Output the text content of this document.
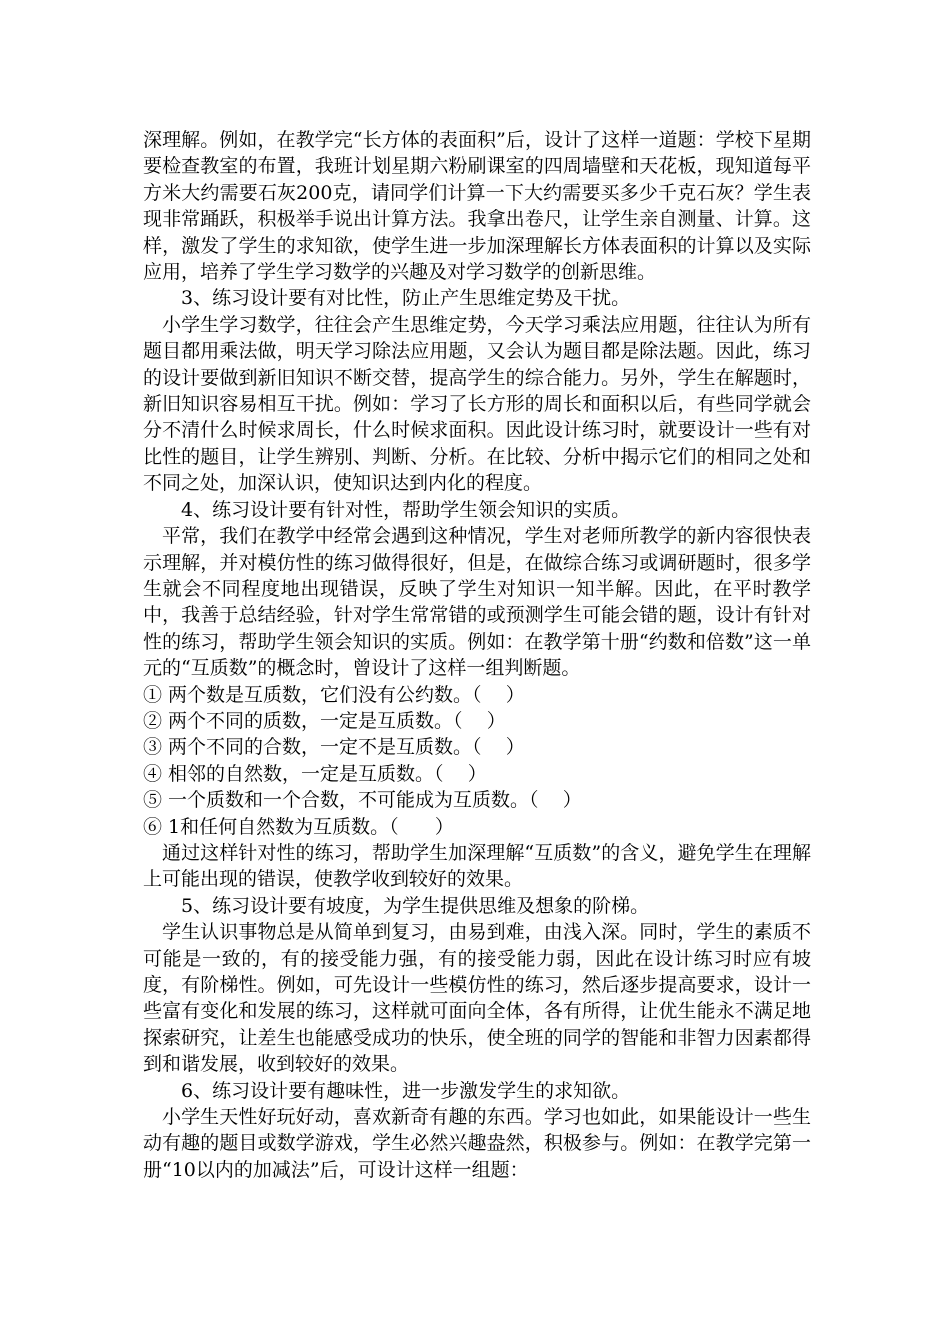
深理解。例如，在教学完“长方体的表面积”后，设计了这样一道题：学校下星期要检查教室的布置，我班计划星期六粉刷课室的四周墙壁和天花板，现知道每平方米大约需要石灰200克，请同学们计算一下大约需要买多少千克石灰？学生表现非常踊跃，积极举手说出计算方法。我拿出卷尺，让学生亲自测量、计算。这样，激发了学生的求知欲，使学生进一步加深理解长方体表面积的计算以及实际应用，培养了学生学习数学的兴趣及对学习数学的创新思维。

3、练习设计要有对比性，防止产生思维定势及干扰。

小学生学习数学，往往会产生思维定势，今天学习乘法应用题，往往认为所有题目都用乘法做，明天学习除法应用题，又会认为题目都是除法题。因此，练习的设计要做到新旧知识不断交替，提高学生的综合能力。另外，学生在解题时，新旧知识容易相互干扰。例如：学习了长方形的周长和面积以后，有些同学就会分不清什么时候求周长，什么时候求面积。因此设计练习时，就要设计一些有对比性的题目，让学生辨别、判断、分析。在比较、分析中揭示它们的相同之处和不同之处，加深认识，使知识达到内化的程度。

4、练习设计要有针对性，帮助学生领会知识的实质。

平常，我们在教学中经常会遇到这种情况，学生对老师所教学的新内容很快表示理解，并对模仿性的练习做得很好，但是，在做综合练习或调研题时，很多学生就会不同程度地出现错误，反映了学生对知识一知半解。因此，在平时教学中，我善于总结经验，针对学生常常错的或预测学生可能会错的题，设计有针对性的练习，帮助学生领会知识的实质。例如：在教学第十册“约数和倍数”这一单元的“互质数”的概念时，曾设计了这样一组判断题。

① 两个数是互质数，它们没有公约数。（    ）

② 两个不同的质数，一定是互质数。（    ）

③ 两个不同的合数，一定不是互质数。（    ）

④ 相邻的自然数，一定是互质数。（    ）

⑤ 一个质数和一个合数，不可能成为互质数。（    ）

⑥ 1和任何自然数为互质数。（      ）

通过这样针对性的练习，帮助学生加深理解“互质数”的含义，避免学生在理解上可能出现的错误，使教学收到较好的效果。

5、练习设计要有坡度，为学生提供思维及想象的阶梯。

学生认识事物总是从简单到复习，由易到难，由浅入深。同时，学生的素质不可能是一致的，有的接受能力强，有的接受能力弱，因此在设计练习时应有坡度，有阶梯性。例如，可先设计一些模仿性的练习，然后逐步提高要求，设计一些富有变化和发展的练习，这样就可面向全体，各有所得，让优生能永不满足地探索研究，让差生也能感受成功的快乐，使全班的同学的智能和非智力因素都得到和谐发展，收到较好的效果。

6、练习设计要有趣味性，进一步激发学生的求知欲。

小学生天性好玩好动，喜欢新奇有趣的东西。学习也如此，如果能设计一些生动有趣的题目或数学游戏，学生必然兴趣盎然，积极参与。例如：在教学完第一册“10以内的加减法”后，可设计这样一组题：
